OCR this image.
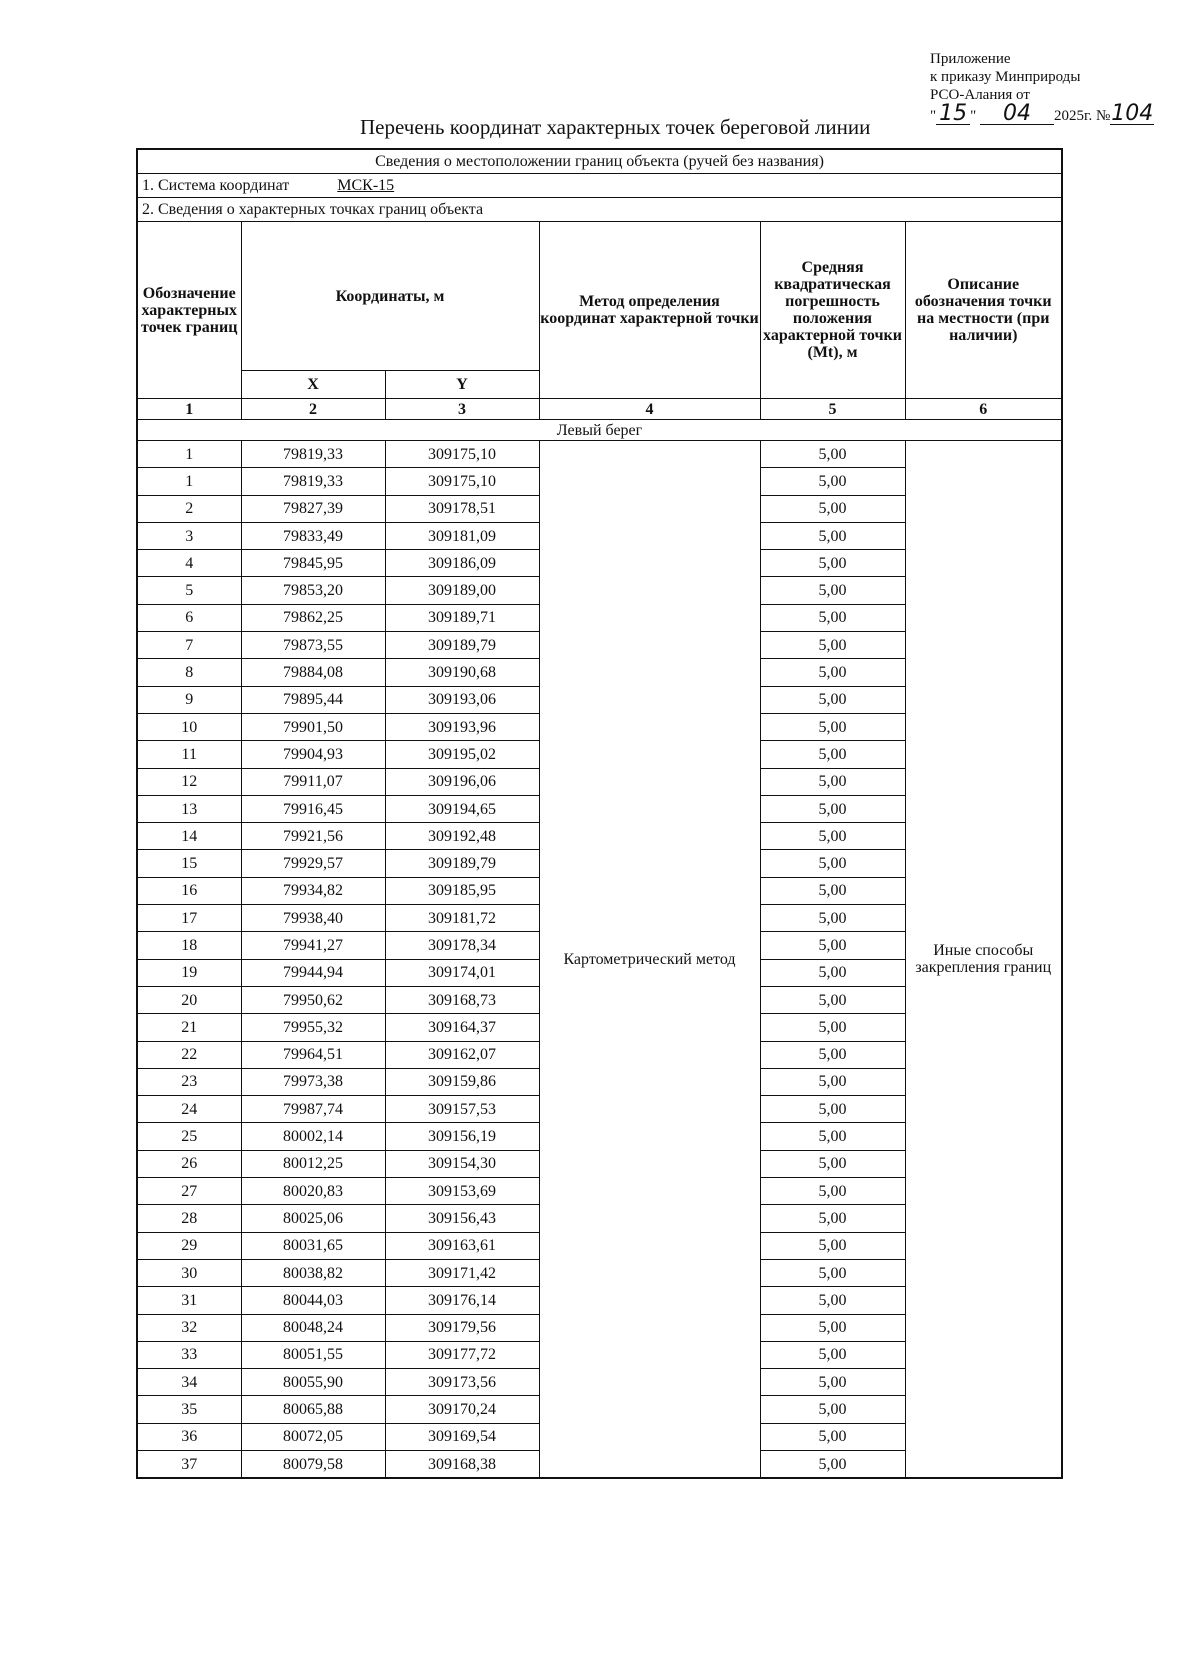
Приложение
к приказу Минприроды
РСО-Алания от
" 15 " 04 2025г. №104
Перечень координат характерных точек береговой линии
Сведения о местоположении границ объекта (ручей без названия)					
1. Система координат МСК-15					
2. Сведения о характерных точках границ объекта					
Обозначение характерных точек границ	Координаты, м		Метод определения координат характерной точки	Средняя квадратическая погрешность положения характерной точки (Mt), м	Описание обозначения точки на местности (при наличии)
	X	Y			
1	2	3	4	5	6
Левый берег					
1	79819,33	309175,10	Картометрический метод	5,00	Иные способы закрепления границ
1	79819,33	309175,10		5,00	
2	79827,39	309178,51		5,00	
3	79833,49	309181,09		5,00	
4	79845,95	309186,09		5,00	
5	79853,20	309189,00		5,00	
6	79862,25	309189,71		5,00	
7	79873,55	309189,79		5,00	
8	79884,08	309190,68		5,00	
9	79895,44	309193,06		5,00	
10	79901,50	309193,96		5,00	
11	79904,93	309195,02		5,00	
12	79911,07	309196,06		5,00	
13	79916,45	309194,65		5,00	
14	79921,56	309192,48		5,00	
15	79929,57	309189,79		5,00	
16	79934,82	309185,95		5,00	
17	79938,40	309181,72		5,00	
18	79941,27	309178,34		5,00	
19	79944,94	309174,01		5,00	
20	79950,62	309168,73		5,00	
21	79955,32	309164,37		5,00	
22	79964,51	309162,07		5,00	
23	79973,38	309159,86		5,00	
24	79987,74	309157,53		5,00	
25	80002,14	309156,19		5,00	
26	80012,25	309154,30		5,00	
27	80020,83	309153,69		5,00	
28	80025,06	309156,43		5,00	
29	80031,65	309163,61		5,00	
30	80038,82	309171,42		5,00	
31	80044,03	309176,14		5,00	
32	80048,24	309179,56		5,00	
33	80051,55	309177,72		5,00	
34	80055,90	309173,56		5,00	
35	80065,88	309170,24		5,00	
36	80072,05	309169,54		5,00	
37	80079,58	309168,38		5,00	
